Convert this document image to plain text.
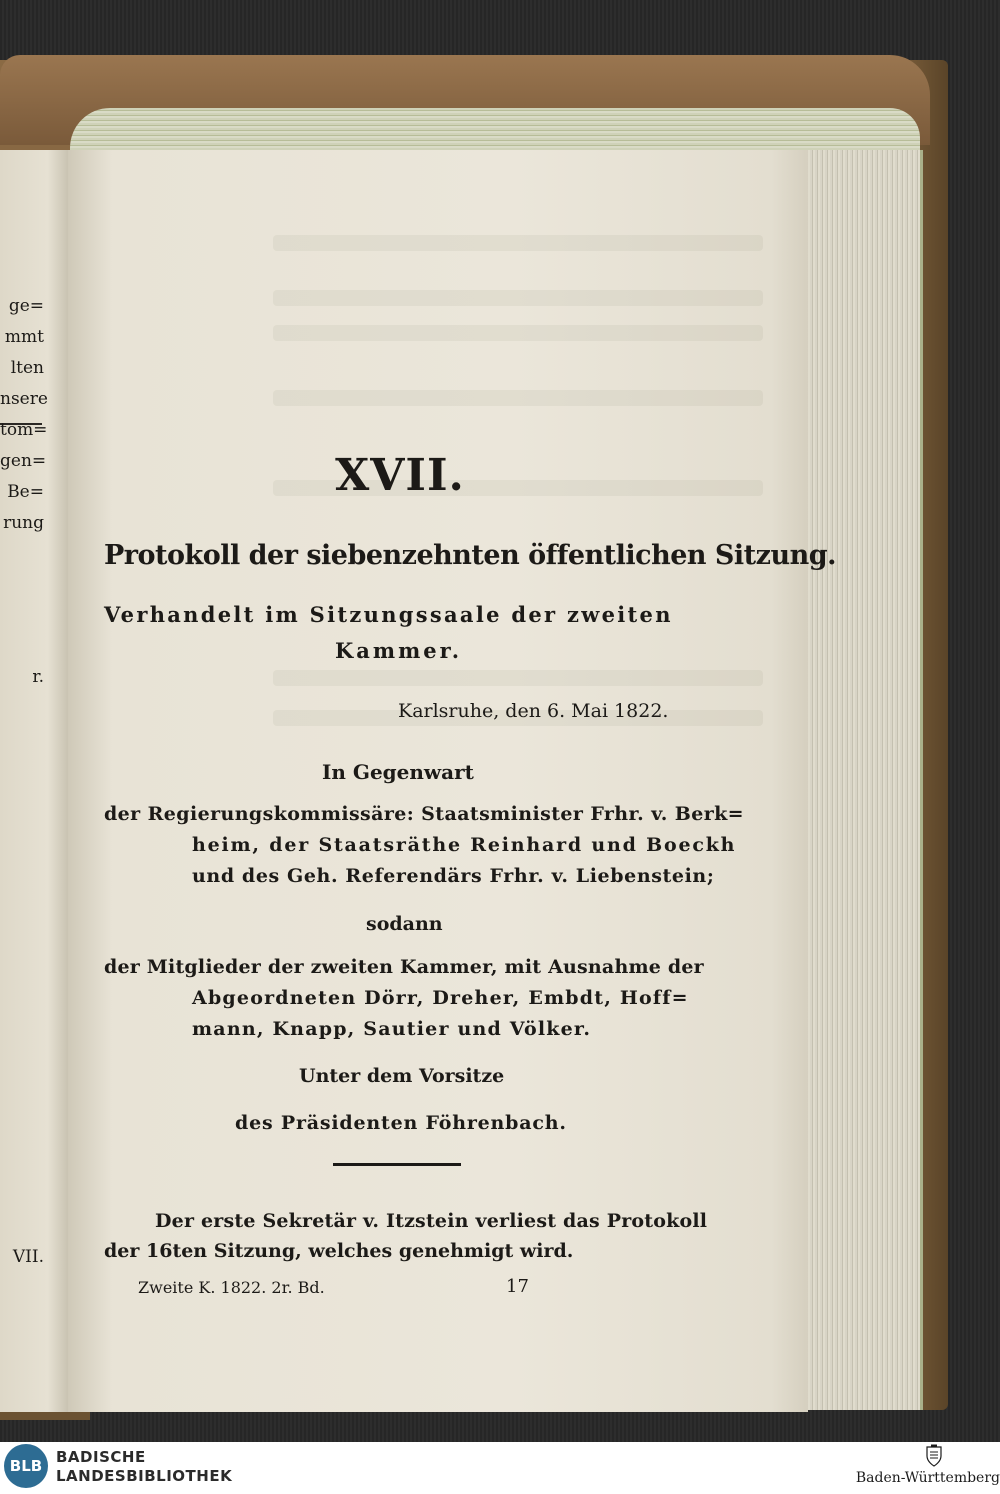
ge=
mmt
lten
nsere
tom=
gen=
Be=
rung
r.
VII.
XVII.
Protokoll der siebenzehnten öffentlichen Sitzung.
Verhandelt im Sitzungssaale der zweiten
Kammer.
Karlsruhe, den 6. Mai 1822.
In Gegenwart
der Regierungskommissäre: Staatsminister Frhr. v. Berk=
heim, der Staatsräthe Reinhard und Boeckh
und des Geh. Referendärs Frhr. v. Liebenstein;
sodann
der Mitglieder der zweiten Kammer, mit Ausnahme der
Abgeordneten Dörr, Dreher, Embdt, Hoff=
mann, Knapp, Sautier und Völker.
Unter dem Vorsitze
des Präsidenten Föhrenbach.
Der erste Sekretär v. Itzstein verliest das Protokoll
der 16ten Sitzung, welches genehmigt wird.
Zweite K. 1822. 2r. Bd.	17
BLB BADISCHE
LANDESBIBLIOTHEK	Baden-Württemberg
